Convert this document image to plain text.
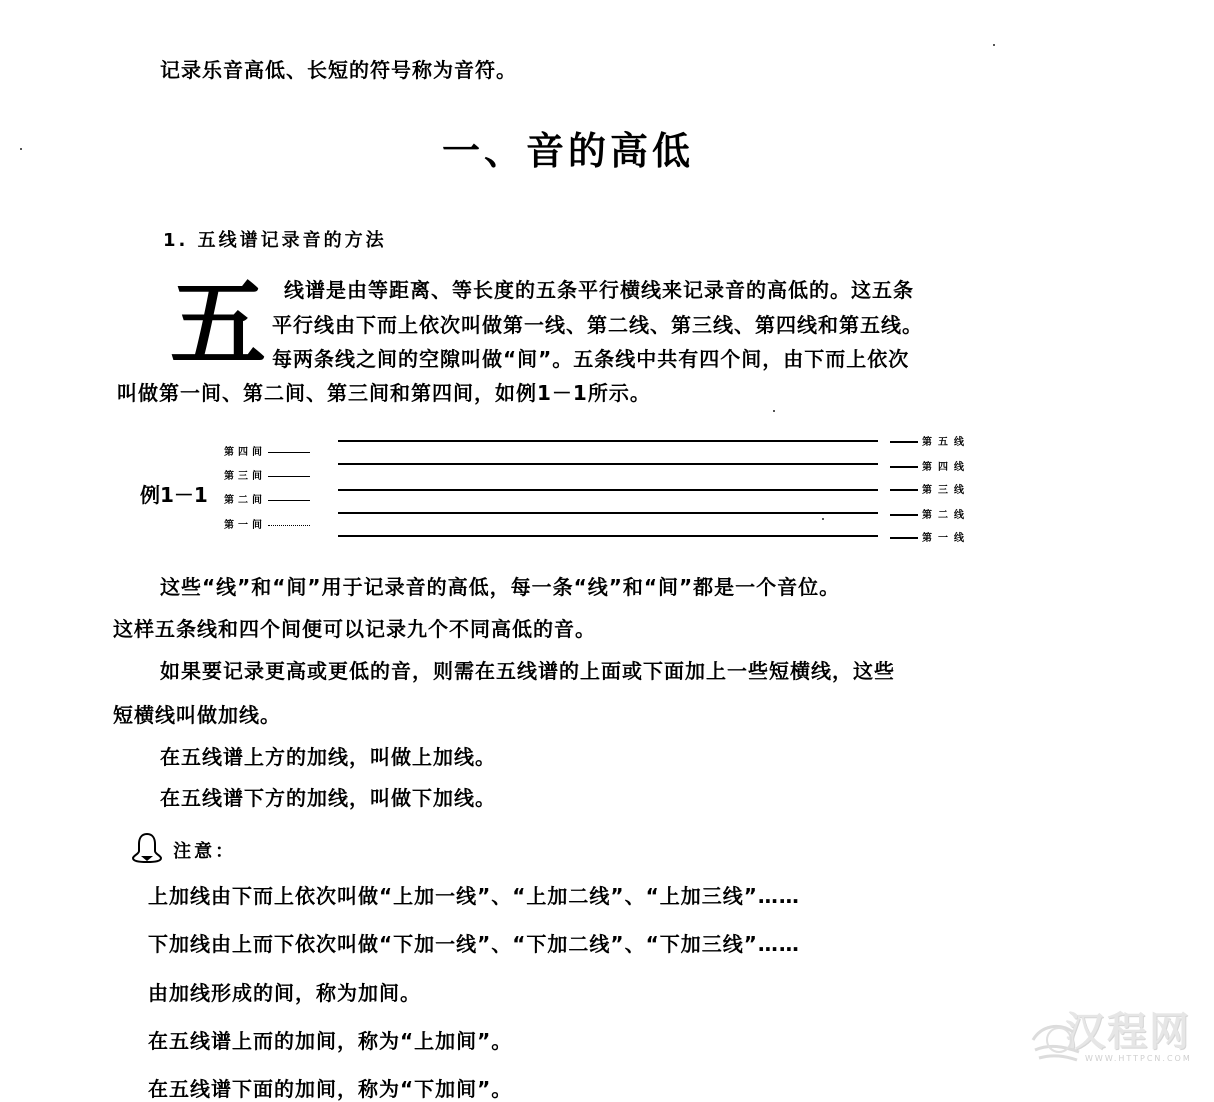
记录乐音高低、长短的符号称为音符。
一、音的高低
1. 五线谱记录音的方法
五 线谱是由等距离、等长度的五条平行横线来记录音的高低的。这五条
平行线由下而上依次叫做第一线、第二线、第三线、第四线和第五线。
每两条线之间的空隙叫做“间”。五条线中共有四个间，由下而上依次
叫做第一间、第二间、第三间和第四间，如例1－1所示。
例1－1
第四间
第三间
第二间
第一间
第五线
第四线
第三线
第二线
第一线
这些“线”和“间”用于记录音的高低，每一条“线”和“间”都是一个音位。
这样五条线和四个间便可以记录九个不同高低的音。
如果要记录更高或更低的音，则需在五线谱的上面或下面加上一些短横线，这些
短横线叫做加线。
在五线谱上方的加线，叫做上加线。
在五线谱下方的加线，叫做下加线。
注意：
上加线由下而上依次叫做“上加一线”、“上加二线”、“上加三线”……
下加线由上而下依次叫做“下加一线”、“下加二线”、“下加三线”……
由加线形成的间，称为加间。
在五线谱上而的加间，称为“上加间”。
在五线谱下面的加间，称为“下加间”。
汉程网
WWW.HTTPCN.COM
